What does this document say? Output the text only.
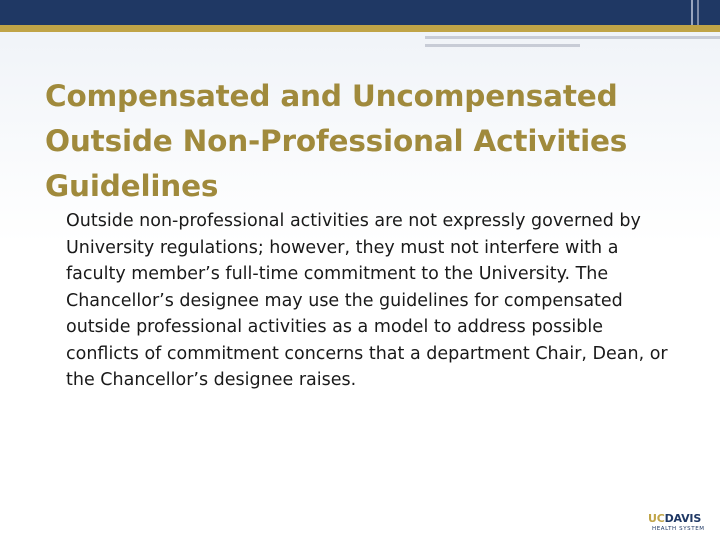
Compensated and Uncompensated Outside Non-Professional Activities Guidelines

Outside non-professional activities are not expressly governed by University regulations; however, they must not interfere with a faculty member’s full-time commitment to the University. The Chancellor’s designee may use the guidelines for compensated outside professional activities as a model to address possible conflicts of commitment concerns that a department Chair, Dean, or the Chancellor’s designee raises.

UCDAVIS
HEALTH SYSTEM
